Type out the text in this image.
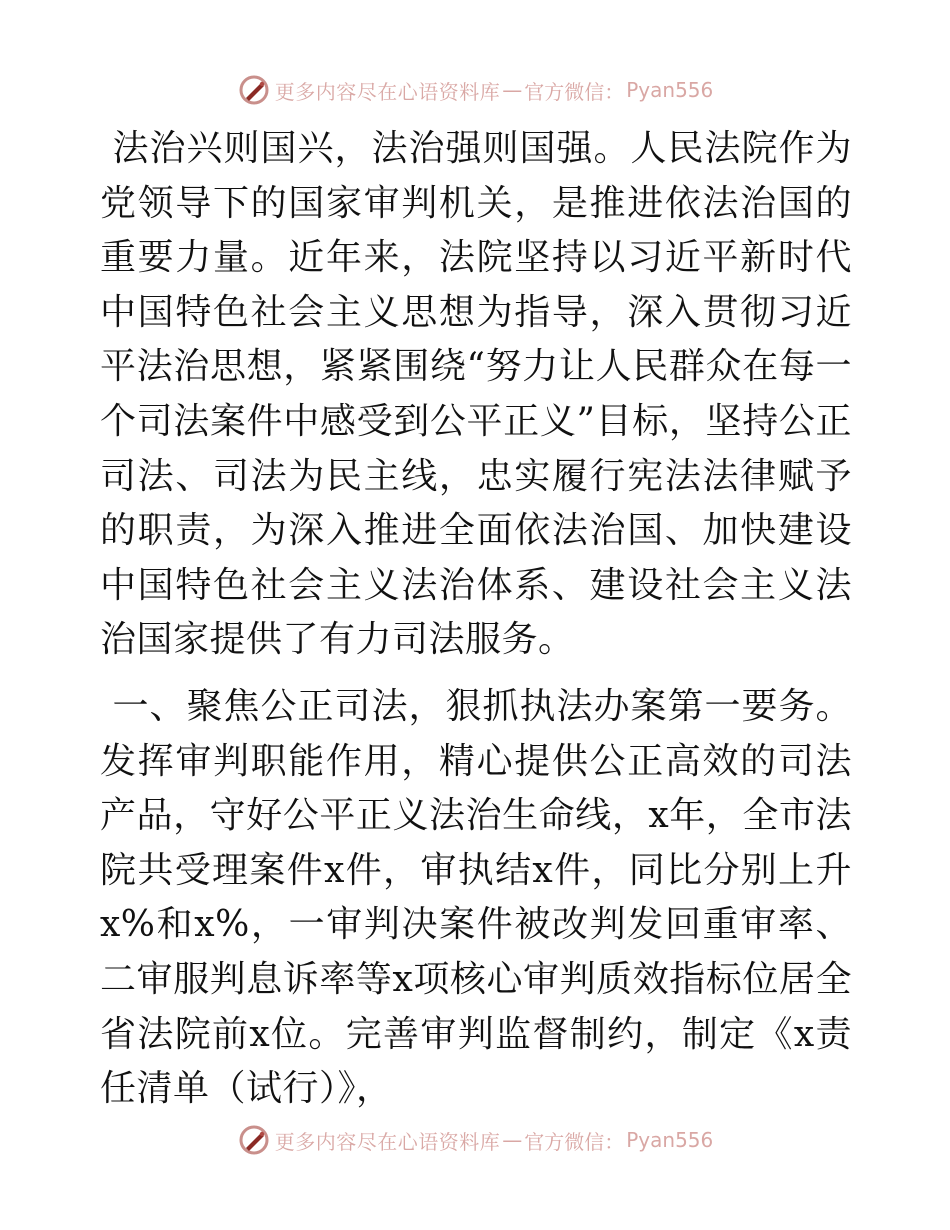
更多内容尽在心语资料库 — 官方微信： Pyan556

法治兴则国兴，法治强则国强。人民法院作为党领导下的国家审判机关，是推进依法治国的重要力量。近年来，法院坚持以习近平新时代中国特色社会主义思想为指导，深入贯彻习近平法治思想，紧紧围绕“努力让人民群众在每一个司法案件中感受到公平正义”目标，坚持公正司法、司法为民主线，忠实履行宪法法律赋予的职责，为深入推进全面依法治国、加快建设中国特色社会主义法治体系、建设社会主义法治国家提供了有力司法服务。

一、聚焦公正司法，狠抓执法办案第一要务。发挥审判职能作用，精心提供公正高效的司法产品，守好公平正义法治生命线，x年，全市法院共受理案件x件，审执结x件，同比分别上升x%和x%，一审判决案件被改判发回重审率、二审服判息诉率等x项核心审判质效指标位居全省法院前x位。完善审判监督制约，制定《x责任清单（试行）》，

更多内容尽在心语资料库 — 官方微信： Pyan556
